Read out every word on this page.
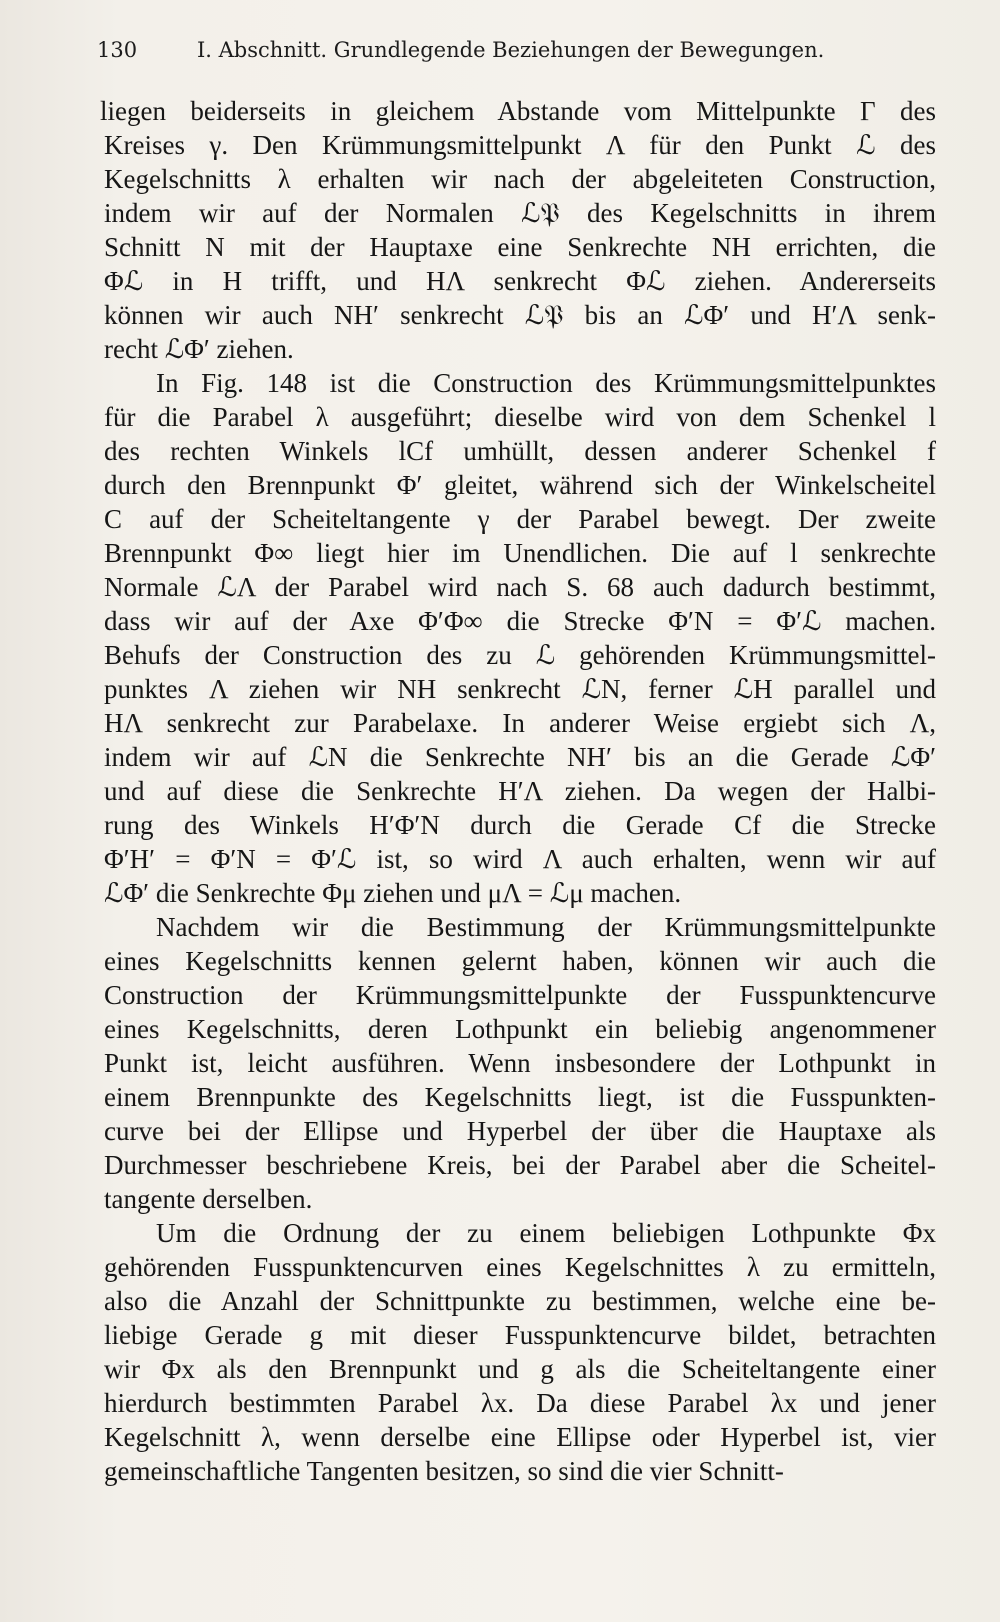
130	I. Abschnitt. Grundlegende Beziehungen der Bewegungen.
liegen beiderseits in gleichem Abstande vom Mittelpunkte Γ des
Kreises γ. Den Krümmungsmittelpunkt Λ für den Punkt ℒ des
Kegelschnitts λ erhalten wir nach der abgeleiteten Construction,
indem wir auf der Normalen ℒ𝔓 des Kegelschnitts in ihrem
Schnitt N mit der Hauptaxe eine Senkrechte NH errichten, die
Φℒ in H trifft, und HΛ senkrecht Φℒ ziehen. Andererseits
können wir auch NH′ senkrecht ℒ𝔓 bis an ℒΦ′ und H′Λ senk-
recht ℒΦ′ ziehen.
In Fig. 148 ist die Construction des Krümmungsmittelpunktes
für die Parabel λ ausgeführt; dieselbe wird von dem Schenkel l
des rechten Winkels lCf umhüllt, dessen anderer Schenkel f
durch den Brennpunkt Φ′ gleitet, während sich der Winkelscheitel
C auf der Scheiteltangente γ der Parabel bewegt. Der zweite
Brennpunkt Φ∞ liegt hier im Unendlichen. Die auf l senkrechte
Normale ℒΛ der Parabel wird nach S. 68 auch dadurch bestimmt,
dass wir auf der Axe Φ′Φ∞ die Strecke Φ′N = Φ′ℒ machen.
Behufs der Construction des zu ℒ gehörenden Krümmungsmittel-
punktes Λ ziehen wir NH senkrecht ℒN, ferner ℒH parallel und
HΛ senkrecht zur Parabelaxe. In anderer Weise ergiebt sich Λ,
indem wir auf ℒN die Senkrechte NH′ bis an die Gerade ℒΦ′
und auf diese die Senkrechte H′Λ ziehen. Da wegen der Halbi-
rung des Winkels H′Φ′N durch die Gerade Cf die Strecke
Φ′H′ = Φ′N = Φ′ℒ ist, so wird Λ auch erhalten, wenn wir auf
ℒΦ′ die Senkrechte Φμ ziehen und μΛ = ℒμ machen.
Nachdem wir die Bestimmung der Krümmungsmittelpunkte
eines Kegelschnitts kennen gelernt haben, können wir auch die
Construction der Krümmungsmittelpunkte der Fusspunktencurve
eines Kegelschnitts, deren Lothpunkt ein beliebig angenommener
Punkt ist, leicht ausführen. Wenn insbesondere der Lothpunkt in
einem Brennpunkte des Kegelschnitts liegt, ist die Fusspunkten-
curve bei der Ellipse und Hyperbel der über die Hauptaxe als
Durchmesser beschriebene Kreis, bei der Parabel aber die Scheitel-
tangente derselben.
Um die Ordnung der zu einem beliebigen Lothpunkte Φx
gehörenden Fusspunktencurven eines Kegelschnittes λ zu ermitteln,
also die Anzahl der Schnittpunkte zu bestimmen, welche eine be-
liebige Gerade g mit dieser Fusspunktencurve bildet, betrachten
wir Φx als den Brennpunkt und g als die Scheiteltangente einer
hierdurch bestimmten Parabel λx. Da diese Parabel λx und jener
Kegelschnitt λ, wenn derselbe eine Ellipse oder Hyperbel ist, vier
gemeinschaftliche Tangenten besitzen, so sind die vier Schnitt-
